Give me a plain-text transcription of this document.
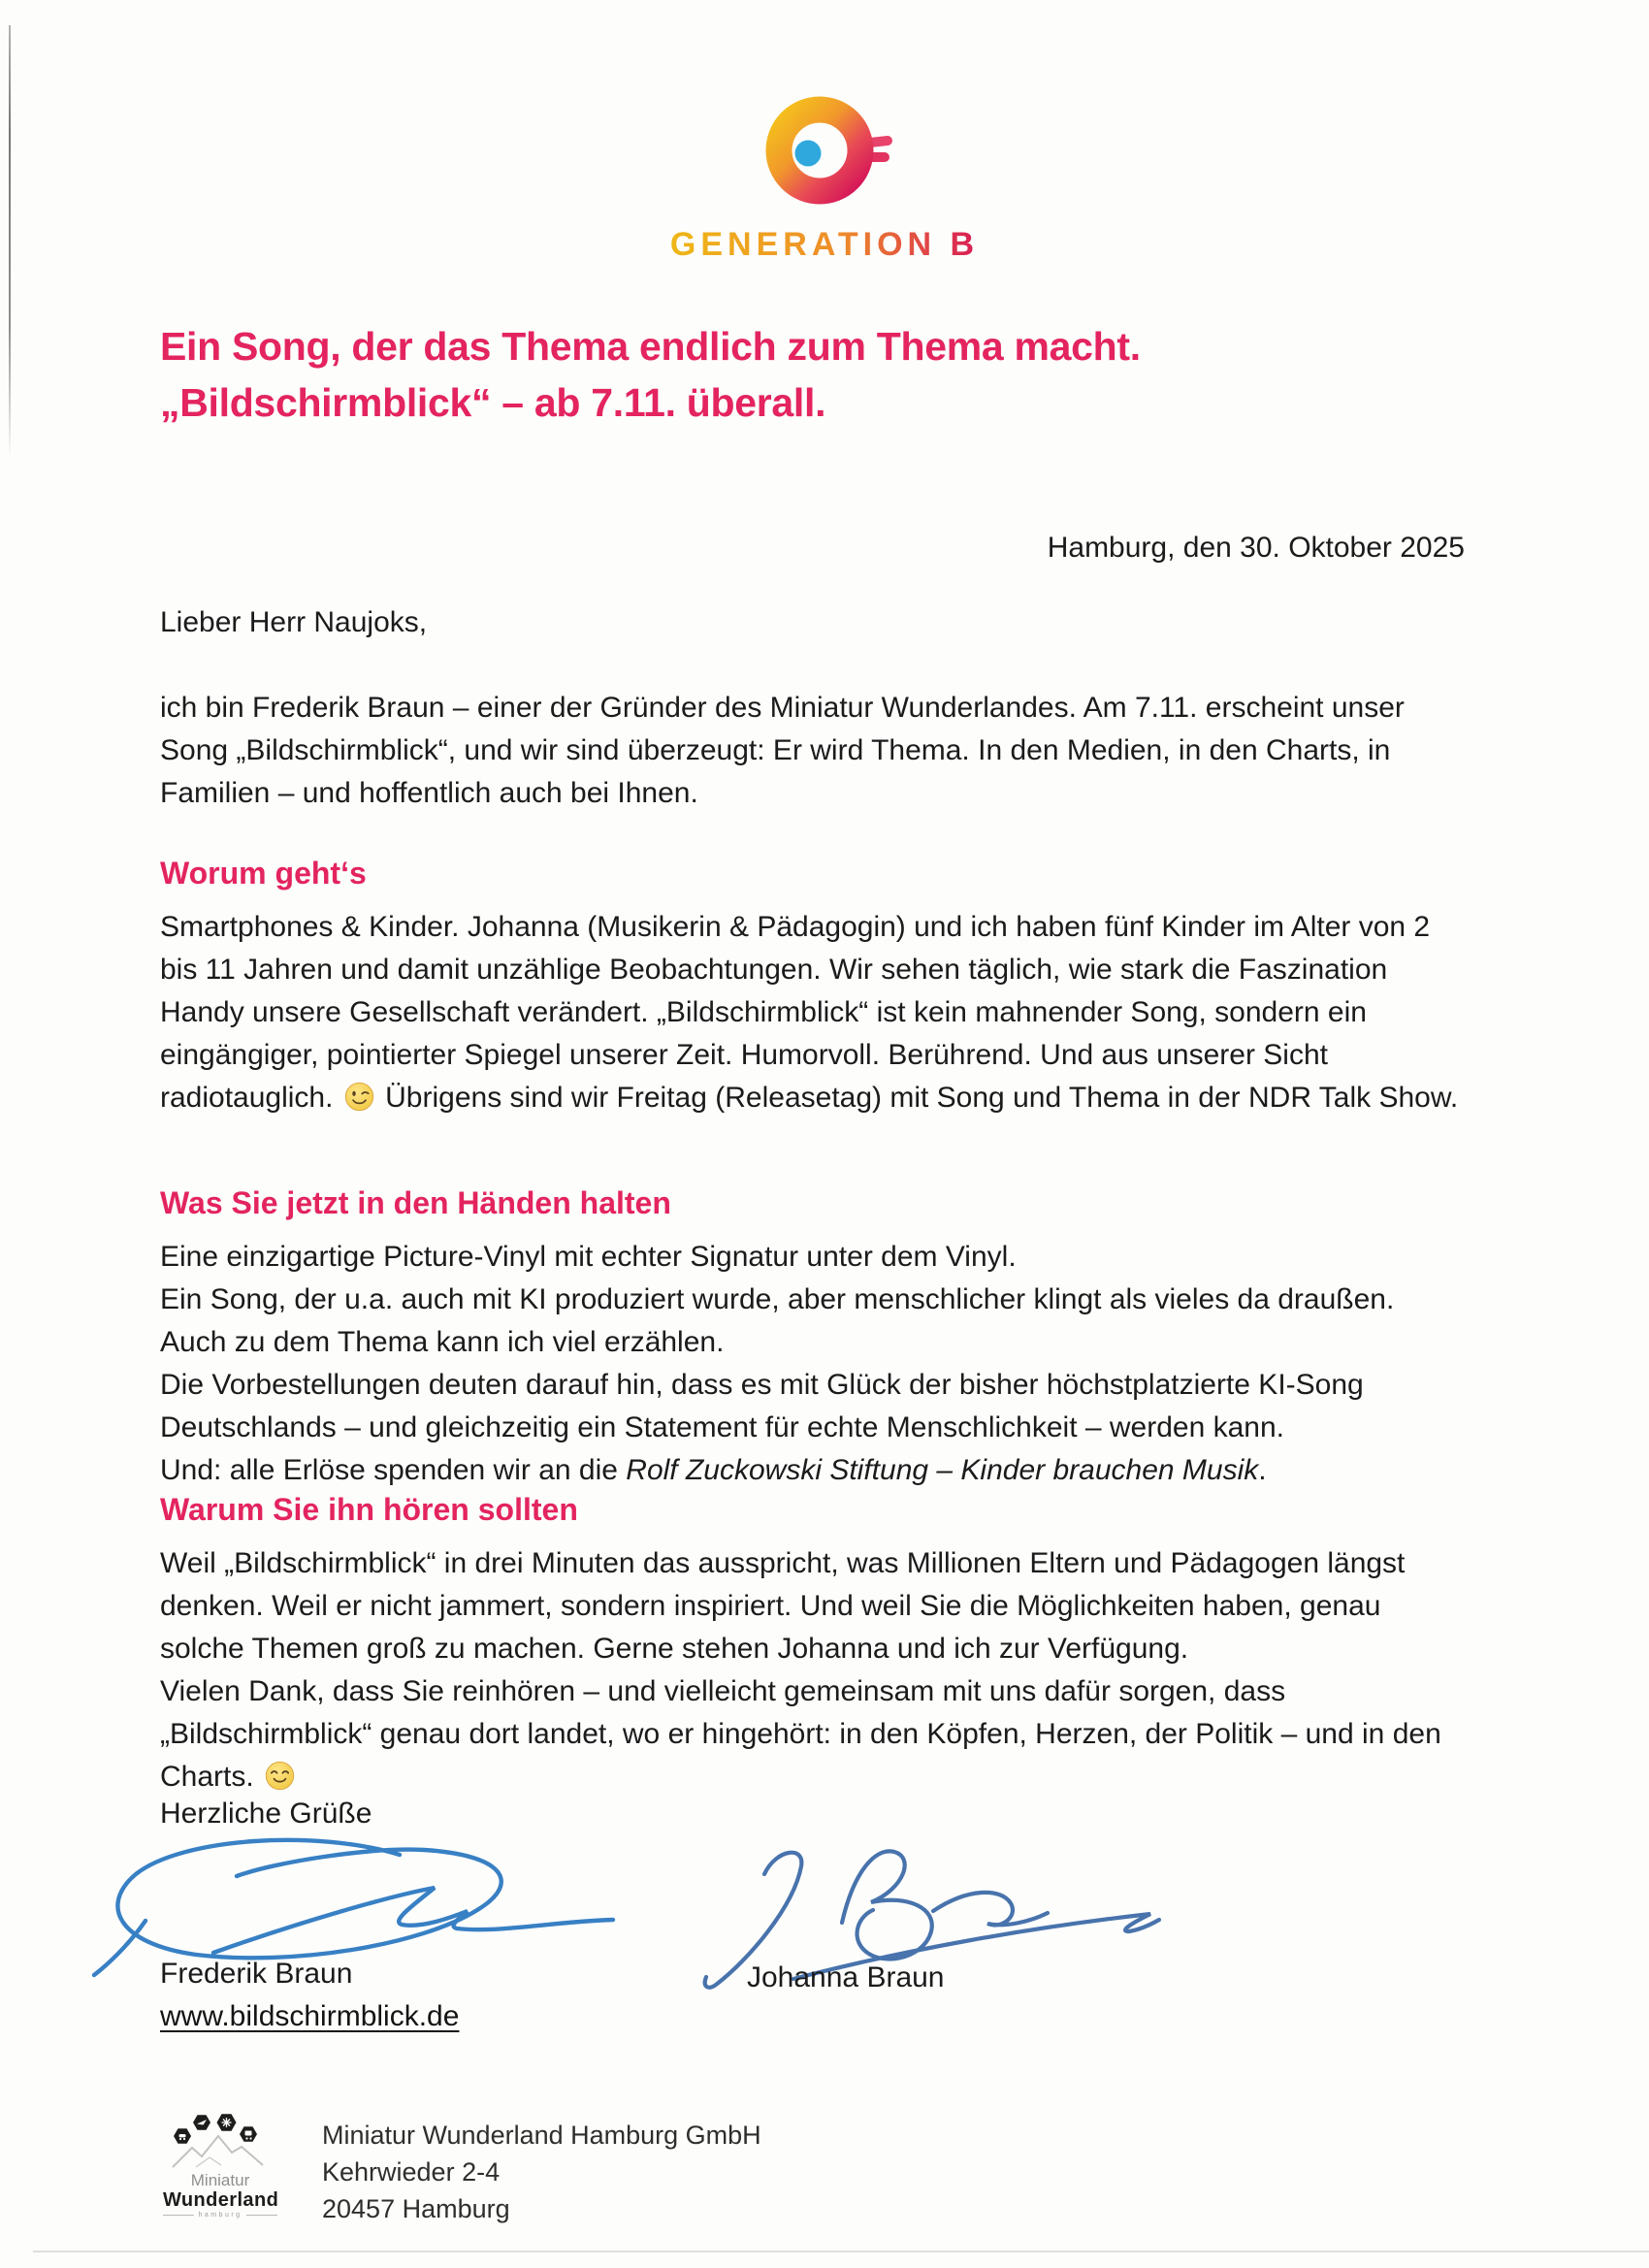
GENERATION B
Ein Song, der das Thema endlich zum Thema macht.
„Bildschirmblick“ – ab 7.11. überall.
Hamburg, den 30. Oktober 2025
Lieber Herr Naujoks,
ich bin Frederik Braun – einer der Gründer des Miniatur Wunderlandes. Am 7.11. erscheint unser Song „Bildschirmblick“, und wir sind überzeugt: Er wird Thema. In den Medien, in den Charts, in Familien – und hoffentlich auch bei Ihnen.
Worum geht‘s
Smartphones & Kinder. Johanna (Musikerin & Pädagogin) und ich haben fünf Kinder im Alter von 2 bis 11 Jahren und damit unzählige Beobachtungen. Wir sehen täglich, wie stark die Faszination Handy unsere Gesellschaft verändert. „Bildschirmblick“ ist kein mahnender Song, sondern ein eingängiger, pointierter Spiegel unserer Zeit. Humorvoll. Berührend. Und aus unserer Sicht radiotauglich. Übrigens sind wir Freitag (Releasetag) mit Song und Thema in der NDR Talk Show.
Was Sie jetzt in den Händen halten
Eine einzigartige Picture-Vinyl mit echter Signatur unter dem Vinyl.
Ein Song, der u.a. auch mit KI produziert wurde, aber menschlicher klingt als vieles da draußen.
Auch zu dem Thema kann ich viel erzählen.
Die Vorbestellungen deuten darauf hin, dass es mit Glück der bisher höchstplatzierte KI-Song Deutschlands – und gleichzeitig ein Statement für echte Menschlichkeit – werden kann.
Und: alle Erlöse spenden wir an die Rolf Zuckowski Stiftung – Kinder brauchen Musik.
Warum Sie ihn hören sollten
Weil „Bildschirmblick“ in drei Minuten das ausspricht, was Millionen Eltern und Pädagogen längst denken. Weil er nicht jammert, sondern inspiriert. Und weil Sie die Möglichkeiten haben, genau solche Themen groß zu machen. Gerne stehen Johanna und ich zur Verfügung.
Vielen Dank, dass Sie reinhören – und vielleicht gemeinsam mit uns dafür sorgen, dass „Bildschirmblick“ genau dort landet, wo er hingehört: in den Köpfen, Herzen, der Politik – und in den Charts.
Herzliche Grüße
Frederik Braun	Johanna Braun
www.bildschirmblick.de
Miniatur
Wunderland
hamburg
Miniatur Wunderland Hamburg GmbH
Kehrwieder 2-4
20457 Hamburg
